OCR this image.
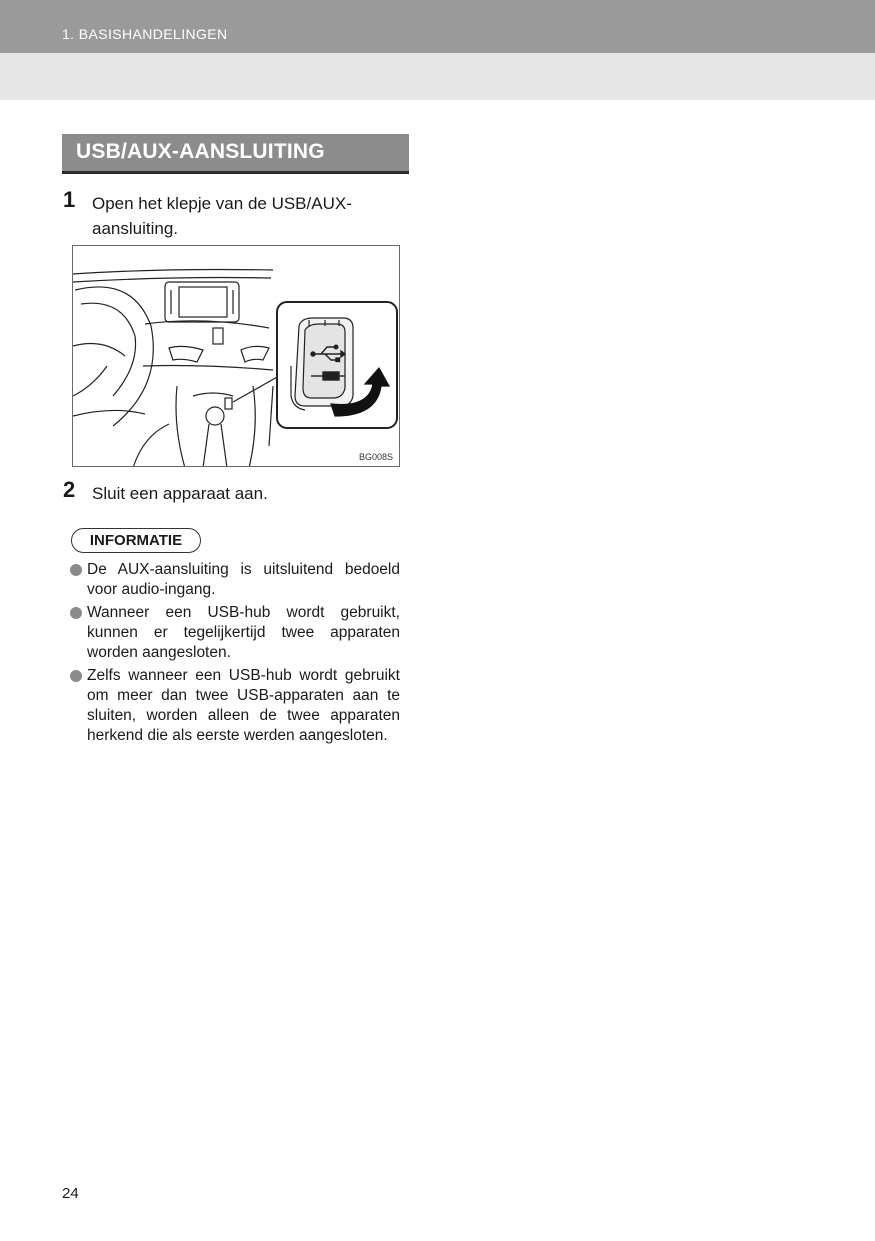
1. BASISHANDELINGEN
USB/AUX-AANSLUITING
1 Open het klepje van de USB/AUX-aansluiting.
BG008S
2 Sluit een apparaat aan.
INFORMATIE
De AUX-aansluiting is uitsluitend bedoeld voor audio-ingang.
Wanneer een USB-hub wordt gebruikt, kunnen er tegelijkertijd twee apparaten worden aangesloten.
Zelfs wanneer een USB-hub wordt gebruikt om meer dan twee USB-apparaten aan te sluiten, worden alleen de twee apparaten herkend die als eerste werden aangesloten.
24
